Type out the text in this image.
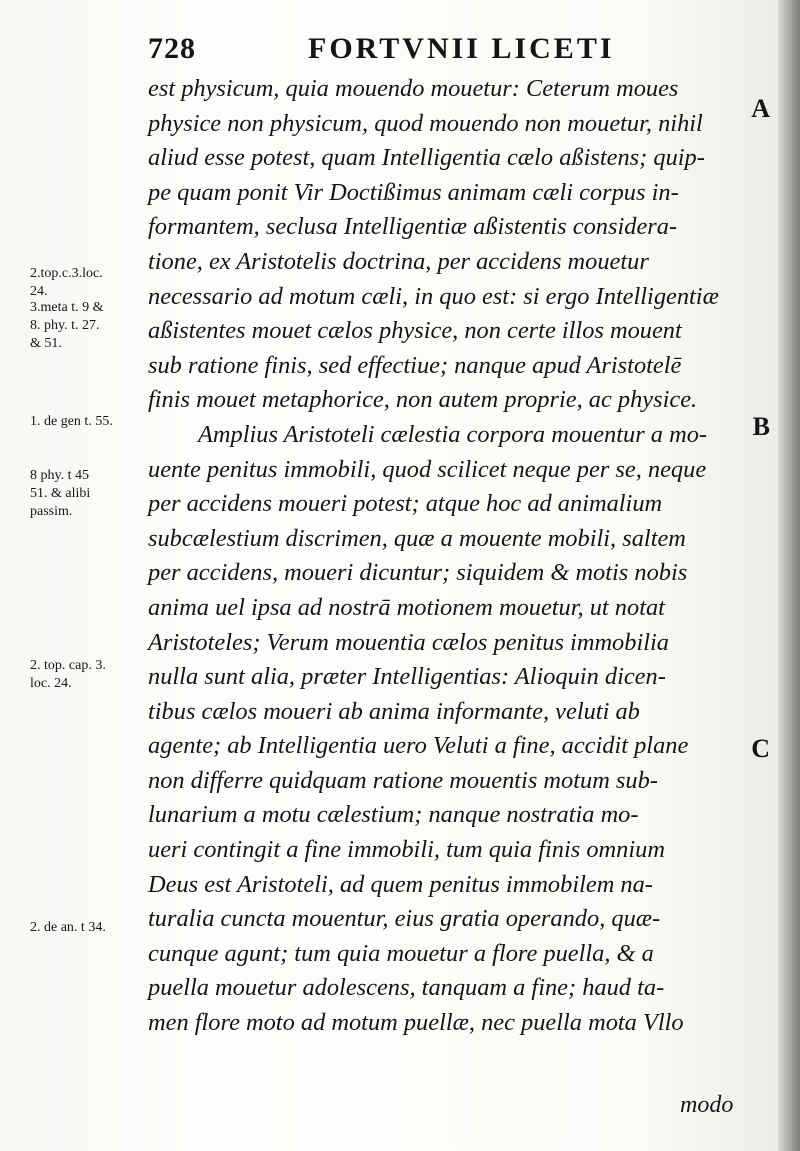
728	FORTVNII LICETI
2.top.c.3.loc.
24.
3.meta t. 9 &
8. phy. t. 27.
& 51.
1. de gen t. 55.
8 phy. t 45
51. & alibi
passim.
2. top. cap. 3.
loc. 24.
2. de an. t 34.
est physicum, quia mouendo mouetur: Ceterum moues
physice non physicum, quod mouendo non mouetur, nihil
aliud esse potest, quam Intelligentia cælo aßistens; quip-
pe quam ponit Vir Doctißimus animam cæli corpus in-
formantem, seclusa Intelligentiæ aßistentis considera-
tione, ex Aristotelis doctrina, per accidens mouetur
necessario ad motum cæli, in quo est: si ergo Intelligentiæ
aßistentes mouet cælos physice, non certe illos mouent
sub ratione finis, sed effectiue; nanque apud Aristotelē
finis mouet metaphorice, non autem proprie, ac physice.
Amplius Aristoteli cælestia corpora mouentur a mo-
uente penitus immobili, quod scilicet neque per se, neque
per accidens moueri potest; atque hoc ad animalium
subcælestium discrimen, quæ a mouente mobili, saltem
per accidens, moueri dicuntur; siquidem & motis nobis
anima uel ipsa ad nostrā motionem mouetur, ut notat
Aristoteles; Verum mouentia cælos penitus immobilia
nulla sunt alia, præter Intelligentias: Alioquin dicen-
tibus cælos moueri ab anima informante, veluti ab
agente; ab Intelligentia uero Veluti a fine, accidit plane
non differre quidquam ratione mouentis motum sub-
lunarium a motu cælestium; nanque nostratia mo-
ueri contingit a fine immobili, tum quia finis omnium
Deus est Aristoteli, ad quem penitus immobilem na-
turalia cuncta mouentur, eius gratia operando, quæ-
cunque agunt; tum quia mouetur a flore puella, & a
puella mouetur adolescens, tanquam a fine; haud ta-
men flore moto ad motum puellæ, nec puella mota Vllo
A
B
C
modo
